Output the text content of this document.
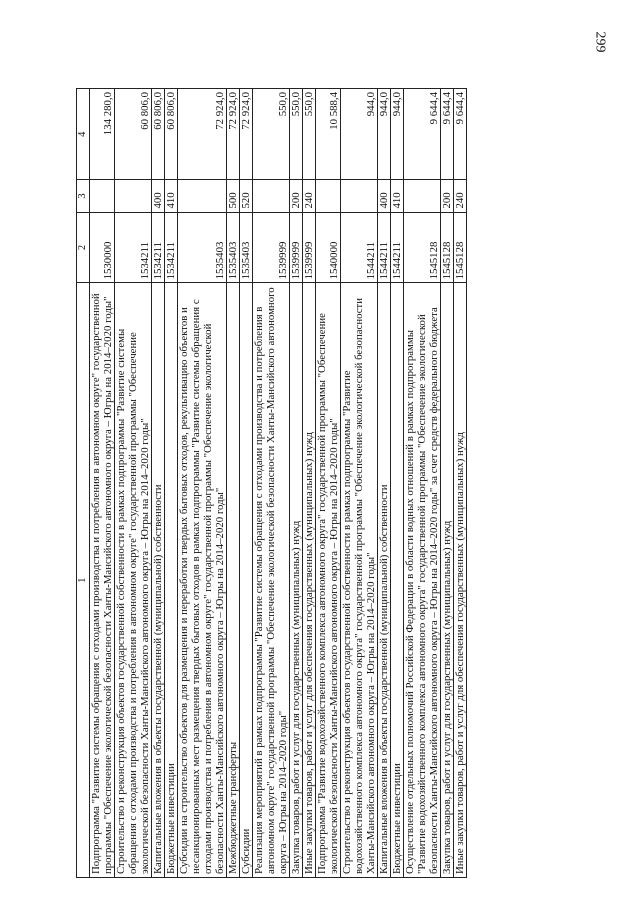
299
1	2	3	4
Подпрограмма "Развитие системы обращения с отходами производства и потребления в автономном округе" государственной программы "Обеспечение экологической безопасности Ханты-Мансийского автономного округа – Югры на 2014–2020 годы"	1530000		134 280,0
Строительство и реконструкция объектов государственной собственности в рамках подпрограммы "Развитие системы обращения с отходами производства и потребления в автономном округе" государственной программы "Обеспечение экологической безопасности Ханты-Мансийского автономного округа – Югры на 2014–2020 годы"	1534211		60 806,0
Капитальные вложения в объекты государственной (муниципальной) собственности	1534211	400	60 806,0
Бюджетные инвестиции	1534211	410	60 806,0
Субсидии на строительство объектов для размещения и переработки твердых бытовых отходов, рекультивацию объектов и несанкционированных мест размещения твердых бытовых отходов в рамках подпрограммы "Развитие системы обращения с отходами производства и потребления в автономном округе" государственной программы "Обеспечение экологической безопасности Ханты-Мансийского автономного округа – Югры на 2014–2020 годы"	1535403		72 924,0
Межбюджетные трансферты	1535403	500	72 924,0
Субсидии	1535403	520	72 924,0
Реализация мероприятий в рамках подпрограммы "Развитие системы обращения с отходами производства и потребления в автономном округе" государственной программы "Обеспечение экологической безопасности Ханты-Мансийского автономного округа – Югры на 2014–2020 годы"	1539999		550,0
Закупка товаров, работ и услуг для государственных (муниципальных) нужд	1539999	200	550,0
Иные закупки товаров, работ и услуг для обеспечения государственных (муниципальных) нужд	1539999	240	550,0
Подпрограмма "Развитие водохозяйственного комплекса автономного округа" государственной программы "Обеспечение экологической безопасности Ханты-Мансийского автономного округа – Югры на 2014–2020 годы"	1540000		10 588,4
Строительство и реконструкция объектов государственной собственности в рамках подпрограммы "Развитие водохозяйственного комплекса автономного округа" государственной программы "Обеспечение экологической безопасности Ханты-Мансийского автономного округа – Югры на 2014–2020 годы"	1544211		944,0
Капитальные вложения в объекты государственной (муниципальной) собственности	1544211	400	944,0
Бюджетные инвестиции	1544211	410	944,0
Осуществление отдельных полномочий Российской Федерации в области водных отношений в рамках подпрограммы "Развитие водохозяйственного комплекса автономного округа" государственной программы "Обеспечение экологической безопасности Ханты-Мансийского автономного округа – Югры на 2014–2020 годы" за счет средств федерального бюджета	1545128		9 644,4
Закупка товаров, работ и услуг для государственных (муниципальных) нужд	1545128	200	9 644,4
Иные закупки товаров, работ и услуг для обеспечения государственных (муниципальных) нужд	1545128	240	9 644,4
